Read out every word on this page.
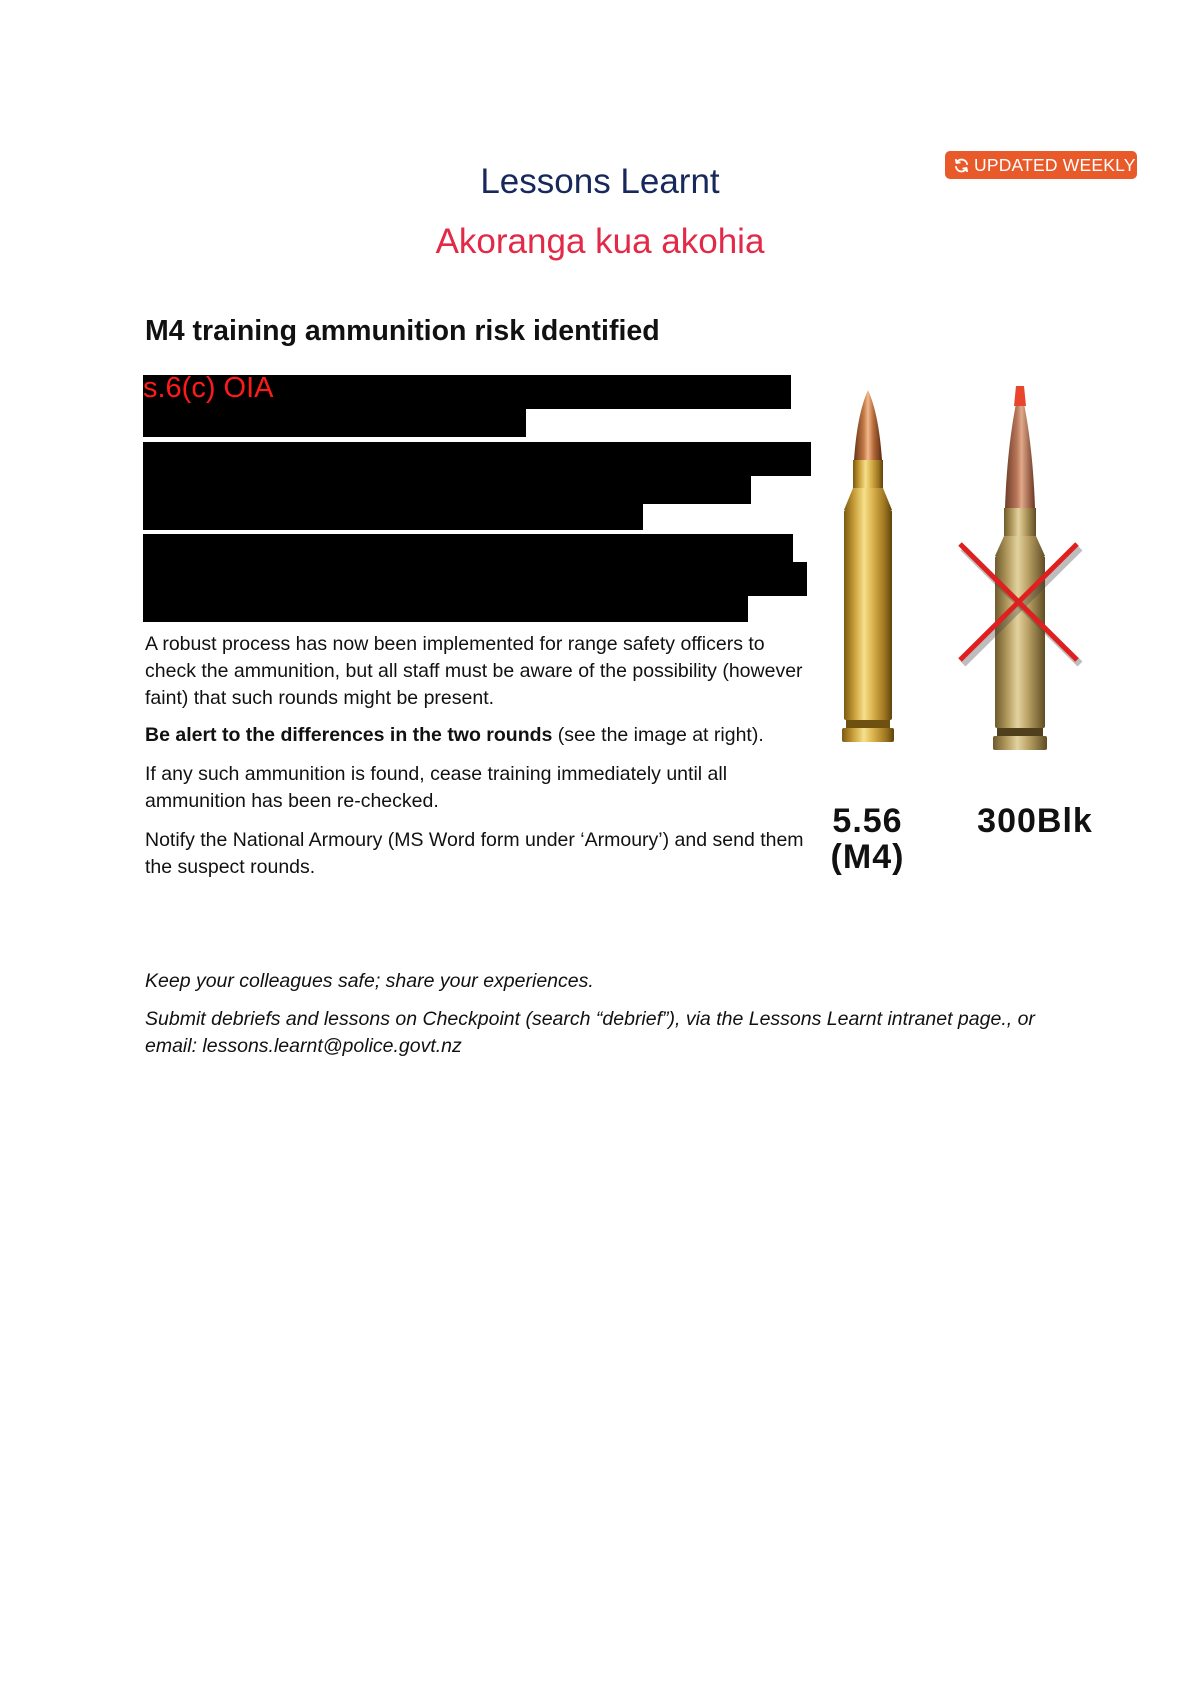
UPDATED WEEKLY
Lessons Learnt
Akoranga kua akohia
M4 training ammunition risk identified
s.6(c) OIA
A robust process has now been implemented for range safety officers to check the ammunition, but all staff must be aware of the possibility (however faint) that such rounds might be present.
Be alert to the differences in the two rounds (see the image at right).
If any such ammunition is found, cease training immediately until all ammunition has been re-checked.
Notify the National Armoury (MS Word form under ‘Armoury’) and send them the suspect rounds.
5.56
(M4)
300Blk
Keep your colleagues safe; share your experiences.
Submit debriefs and lessons on Checkpoint (search “debrief”), via the Lessons Learnt intranet page., or email: lessons.learnt@police.govt.nz
